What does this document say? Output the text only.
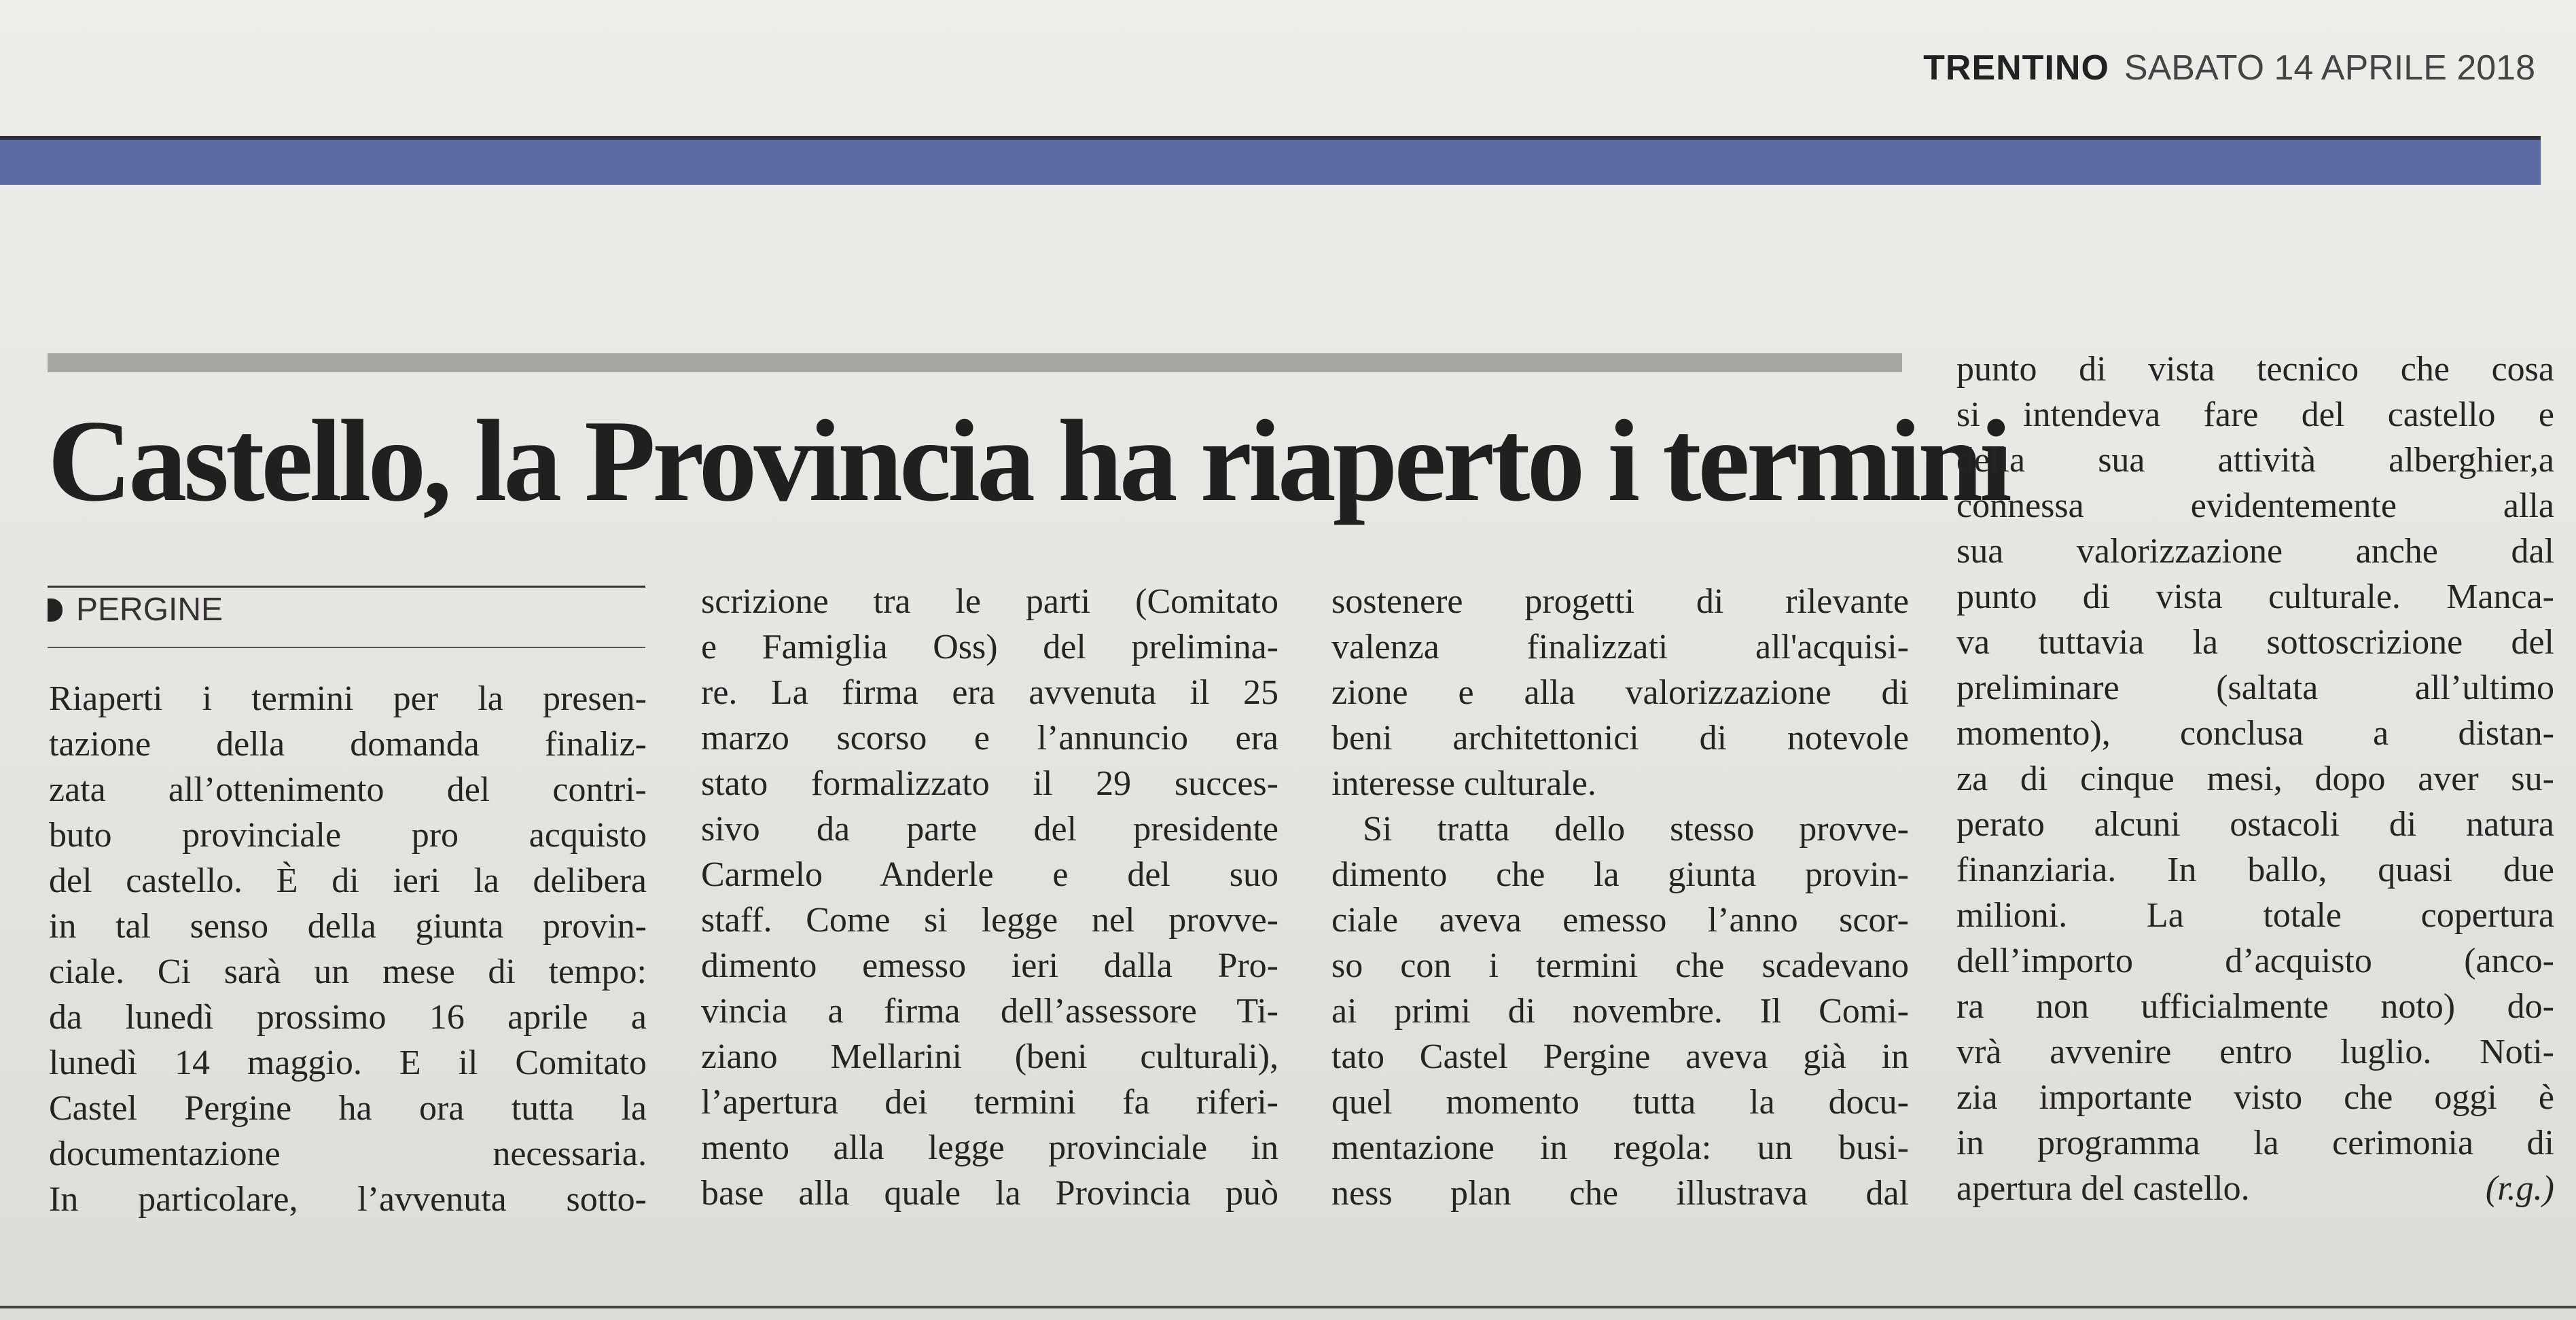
TRENTINO SABATO 14 APRILE 2018
Castello, la Provincia ha riaperto i termini
PERGINE

Riaperti i termini per la presen-

tazione della domanda finaliz-

zata all’ottenimento del contri-

buto provinciale pro acquisto

del castello. È di ieri la delibera

in tal senso della giunta provin-

ciale. Ci sarà un mese di tempo:

da lunedì prossimo 16 aprile a

lunedì 14 maggio. E il Comitato

Castel Pergine ha ora tutta la

documentazione necessaria.

In particolare, l’avvenuta sotto-

scrizione tra le parti (Comitato

e Famiglia Oss) del prelimina-

re. La firma era avvenuta il 25

marzo scorso e l’annuncio era

stato formalizzato il 29 succes-

sivo da parte del presidente

Carmelo Anderle e del suo

staff. Come si legge nel provve-

dimento emesso ieri dalla Pro-

vincia a firma dell’assessore Ti-

ziano Mellarini (beni culturali),

l’apertura dei termini fa riferi-

mento alla legge provinciale in

base alla quale la Provincia può

sostenere progetti di rilevante

valenza finalizzati all'acquisi-

zione e alla valorizzazione di

beni architettonici di notevole

interesse culturale.

Si tratta dello stesso provve-

dimento che la giunta provin-

ciale aveva emesso l’anno scor-

so con i termini che scadevano

ai primi di novembre. Il Comi-

tato Castel Pergine aveva già in

quel momento tutta la docu-

mentazione in regola: un busi-

ness plan che illustrava dal

punto di vista tecnico che cosa

si intendeva fare del castello e

della sua attività alberghier,a

connessa evidentemente alla

sua valorizzazione anche dal

punto di vista culturale. Manca-

va tuttavia la sottoscrizione del

preliminare (saltata all’ultimo

momento), conclusa a distan-

za di cinque mesi, dopo aver su-

perato alcuni ostacoli di natura

finanziaria. In ballo, quasi due

milioni. La totale copertura

dell’importo d’acquisto (anco-

ra non ufficialmente noto) do-

vrà avvenire entro luglio. Noti-

zia importante visto che oggi è

in programma la cerimonia di

apertura del castello.	(r.g.)
